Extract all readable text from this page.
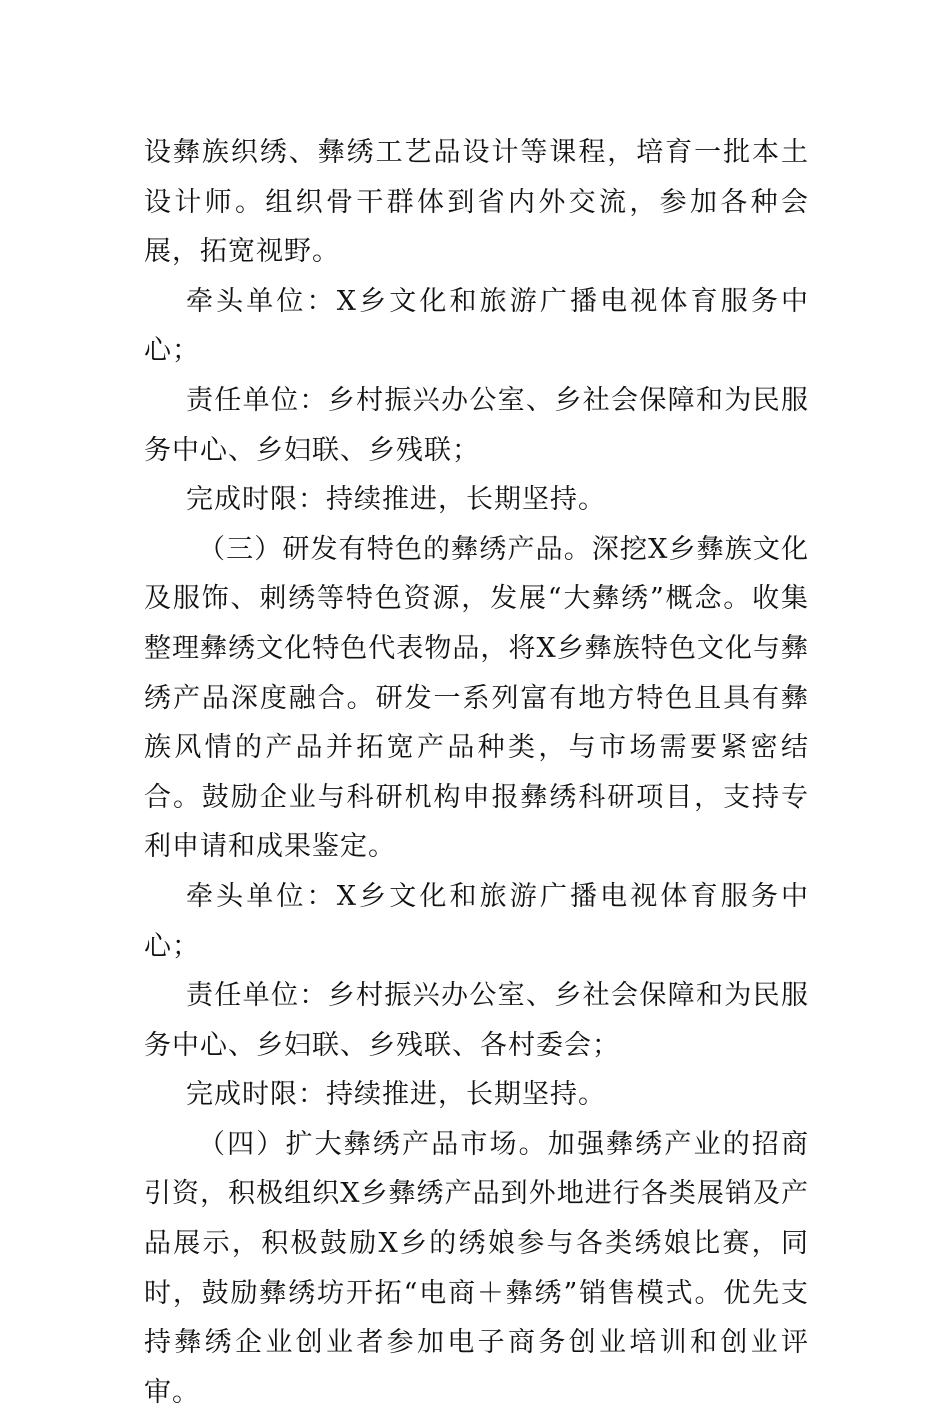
设彝族织绣、彝绣工艺品设计等课程，培育一批本土设计师。组织骨干群体到省内外交流，参加各种会展，拓宽视野。

牵头单位：X乡文化和旅游广播电视体育服务中心；

责任单位：乡村振兴办公室、乡社会保障和为民服务中心、乡妇联、乡残联；

完成时限：持续推进，长期坚持。

（三）研发有特色的彝绣产品。深挖X乡彝族文化及服饰、刺绣等特色资源，发展“大彝绣”概念。收集整理彝绣文化特色代表物品，将X乡彝族特色文化与彝绣产品深度融合。研发一系列富有地方特色且具有彝族风情的产品并拓宽产品种类，与市场需要紧密结合。鼓励企业与科研机构申报彝绣科研项目，支持专利申请和成果鉴定。

牵头单位：X乡文化和旅游广播电视体育服务中心；

责任单位：乡村振兴办公室、乡社会保障和为民服务中心、乡妇联、乡残联、各村委会；

完成时限：持续推进，长期坚持。

（四）扩大彝绣产品市场。加强彝绣产业的招商引资，积极组织X乡彝绣产品到外地进行各类展销及产品展示，积极鼓励X乡的绣娘参与各类绣娘比赛，同时，鼓励彝绣坊开拓“电商＋彝绣”销售模式。优先支持彝绣企业创业者参加电子商务创业培训和创业评审。
